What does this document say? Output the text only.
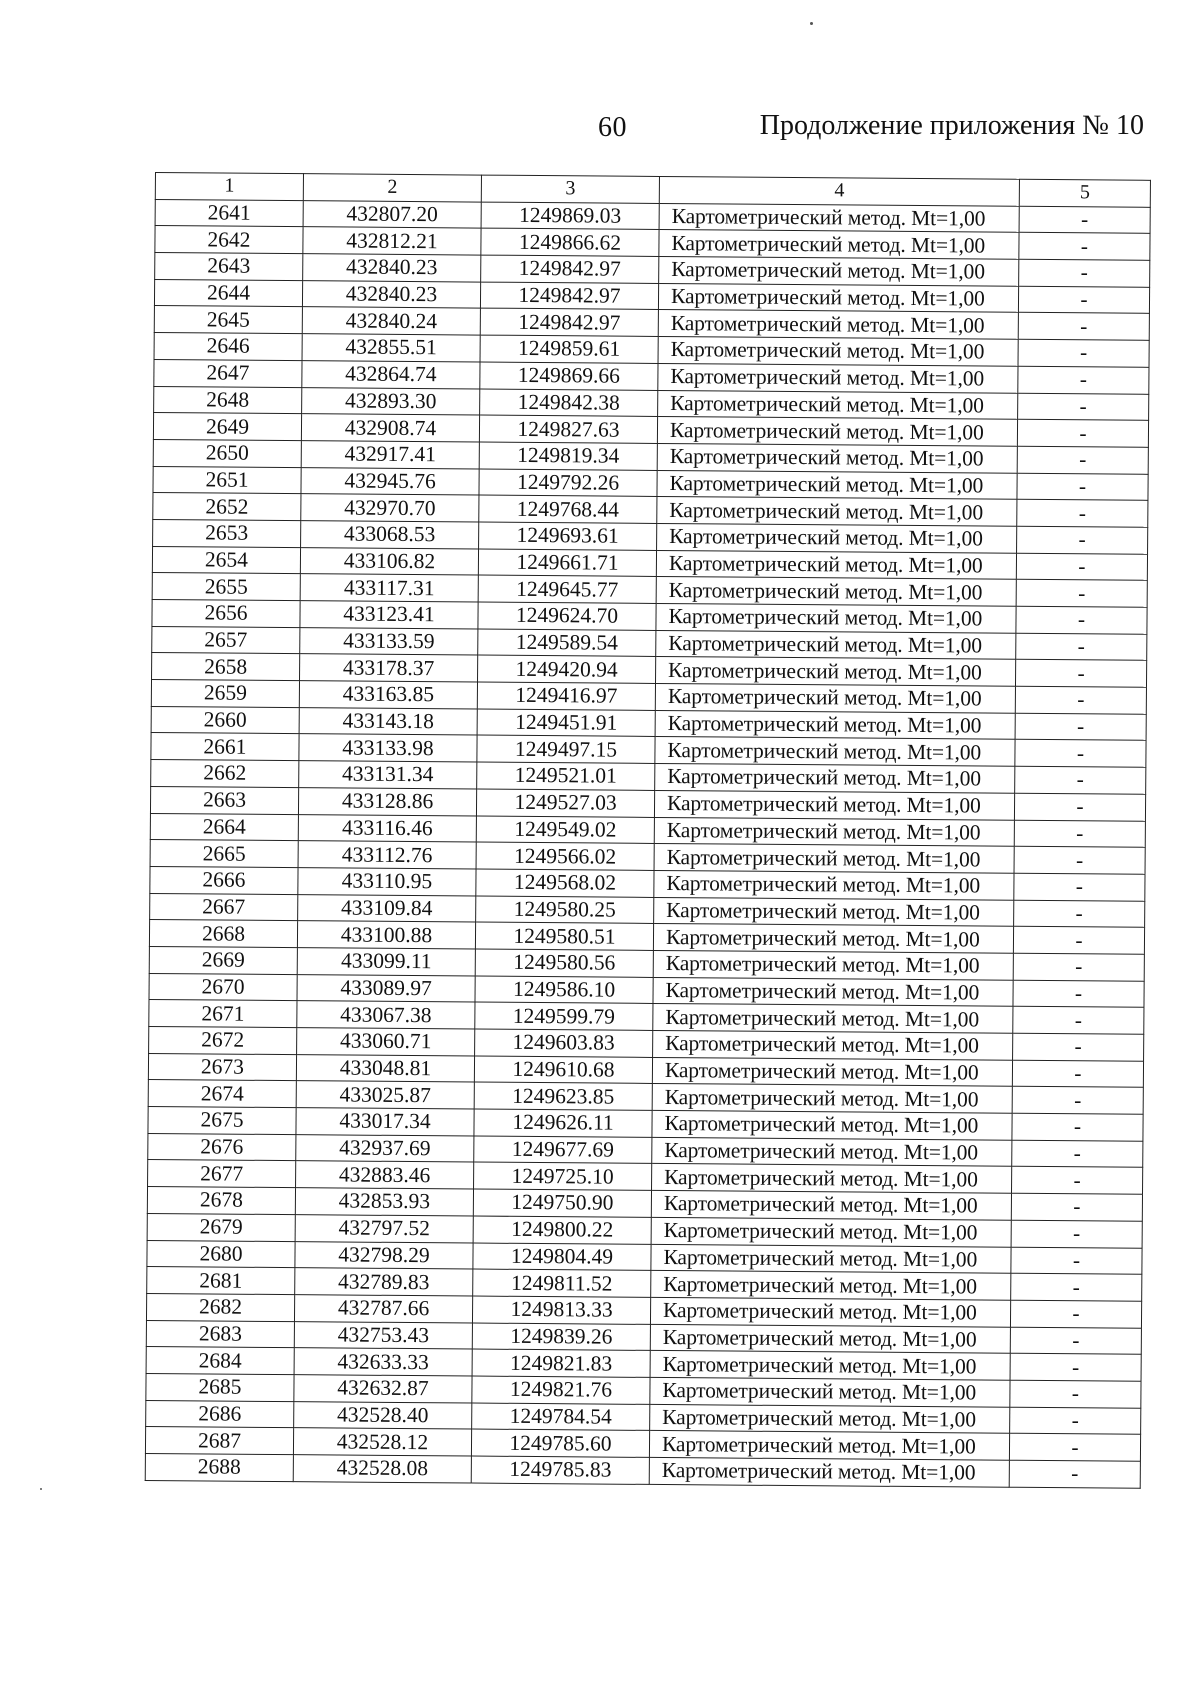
60	Продолжение приложения № 10
1	2	3	4	5
2641	432807.20	1249869.03	Картометрический метод. Mt=1,00	-
2642	432812.21	1249866.62	Картометрический метод. Mt=1,00	-
2643	432840.23	1249842.97	Картометрический метод. Mt=1,00	-
2644	432840.23	1249842.97	Картометрический метод. Mt=1,00	-
2645	432840.24	1249842.97	Картометрический метод. Mt=1,00	-
2646	432855.51	1249859.61	Картометрический метод. Mt=1,00	-
2647	432864.74	1249869.66	Картометрический метод. Mt=1,00	-
2648	432893.30	1249842.38	Картометрический метод. Mt=1,00	-
2649	432908.74	1249827.63	Картометрический метод. Mt=1,00	-
2650	432917.41	1249819.34	Картометрический метод. Mt=1,00	-
2651	432945.76	1249792.26	Картометрический метод. Mt=1,00	-
2652	432970.70	1249768.44	Картометрический метод. Mt=1,00	-
2653	433068.53	1249693.61	Картометрический метод. Mt=1,00	-
2654	433106.82	1249661.71	Картометрический метод. Mt=1,00	-
2655	433117.31	1249645.77	Картометрический метод. Mt=1,00	-
2656	433123.41	1249624.70	Картометрический метод. Mt=1,00	-
2657	433133.59	1249589.54	Картометрический метод. Mt=1,00	-
2658	433178.37	1249420.94	Картометрический метод. Mt=1,00	-
2659	433163.85	1249416.97	Картометрический метод. Mt=1,00	-
2660	433143.18	1249451.91	Картометрический метод. Mt=1,00	-
2661	433133.98	1249497.15	Картометрический метод. Mt=1,00	-
2662	433131.34	1249521.01	Картометрический метод. Mt=1,00	-
2663	433128.86	1249527.03	Картометрический метод. Mt=1,00	-
2664	433116.46	1249549.02	Картометрический метод. Mt=1,00	-
2665	433112.76	1249566.02	Картометрический метод. Mt=1,00	-
2666	433110.95	1249568.02	Картометрический метод. Mt=1,00	-
2667	433109.84	1249580.25	Картометрический метод. Mt=1,00	-
2668	433100.88	1249580.51	Картометрический метод. Mt=1,00	-
2669	433099.11	1249580.56	Картометрический метод. Mt=1,00	-
2670	433089.97	1249586.10	Картометрический метод. Mt=1,00	-
2671	433067.38	1249599.79	Картометрический метод. Mt=1,00	-
2672	433060.71	1249603.83	Картометрический метод. Mt=1,00	-
2673	433048.81	1249610.68	Картометрический метод. Mt=1,00	-
2674	433025.87	1249623.85	Картометрический метод. Mt=1,00	-
2675	433017.34	1249626.11	Картометрический метод. Mt=1,00	-
2676	432937.69	1249677.69	Картометрический метод. Mt=1,00	-
2677	432883.46	1249725.10	Картометрический метод. Mt=1,00	-
2678	432853.93	1249750.90	Картометрический метод. Mt=1,00	-
2679	432797.52	1249800.22	Картометрический метод. Mt=1,00	-
2680	432798.29	1249804.49	Картометрический метод. Mt=1,00	-
2681	432789.83	1249811.52	Картометрический метод. Mt=1,00	-
2682	432787.66	1249813.33	Картометрический метод. Mt=1,00	-
2683	432753.43	1249839.26	Картометрический метод. Mt=1,00	-
2684	432633.33	1249821.83	Картометрический метод. Mt=1,00	-
2685	432632.87	1249821.76	Картометрический метод. Mt=1,00	-
2686	432528.40	1249784.54	Картометрический метод. Mt=1,00	-
2687	432528.12	1249785.60	Картометрический метод. Mt=1,00	-
2688	432528.08	1249785.83	Картометрический метод. Mt=1,00	-
